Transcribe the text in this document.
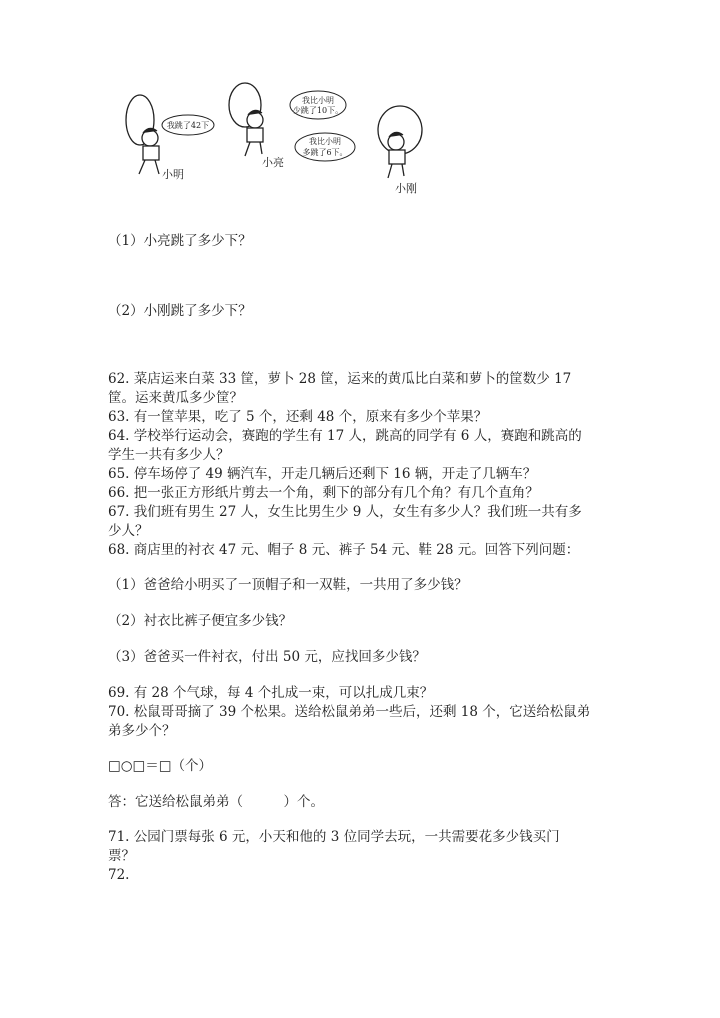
我跳了42下
小明
小亮
我比小明
少跳了10下。
我比小明
多跳了6下。
小刚
（1）小亮跳了多少下？
（2）小刚跳了多少下？
62. 菜店运来白菜 33 筐，萝卜 28 筐，运来的黄瓜比白菜和萝卜的筐数少 17
筐。运来黄瓜多少筐？
63. 有一筐苹果，吃了 5 个，还剩 48 个，原来有多少个苹果？
64. 学校举行运动会，赛跑的学生有 17 人，跳高的同学有 6 人，赛跑和跳高的
学生一共有多少人？
65. 停车场停了 49 辆汽车，开走几辆后还剩下 16 辆，开走了几辆车？
66. 把一张正方形纸片剪去一个角，剩下的部分有几个角？有几个直角？
67. 我们班有男生 27 人，女生比男生少 9 人，女生有多少人？我们班一共有多
少人？
68. 商店里的衬衣 47 元、帽子 8 元、裤子 54 元、鞋 28 元。回答下列问题：
（1）爸爸给小明买了一顶帽子和一双鞋，一共用了多少钱？
（2）衬衣比裤子便宜多少钱？
（3）爸爸买一件衬衣，付出 50 元，应找回多少钱？
69. 有 28 个气球，每 4 个扎成一束，可以扎成几束？
70. 松鼠哥哥摘了 39 个松果。送给松鼠弟弟一些后，还剩 18 个，它送给松鼠弟
弟多少个？
□○□＝□（个）
答：它送给松鼠弟弟（　　　）个。
71. 公园门票每张 6 元，小天和他的 3 位同学去玩，一共需要花多少钱买门
票？
72.
